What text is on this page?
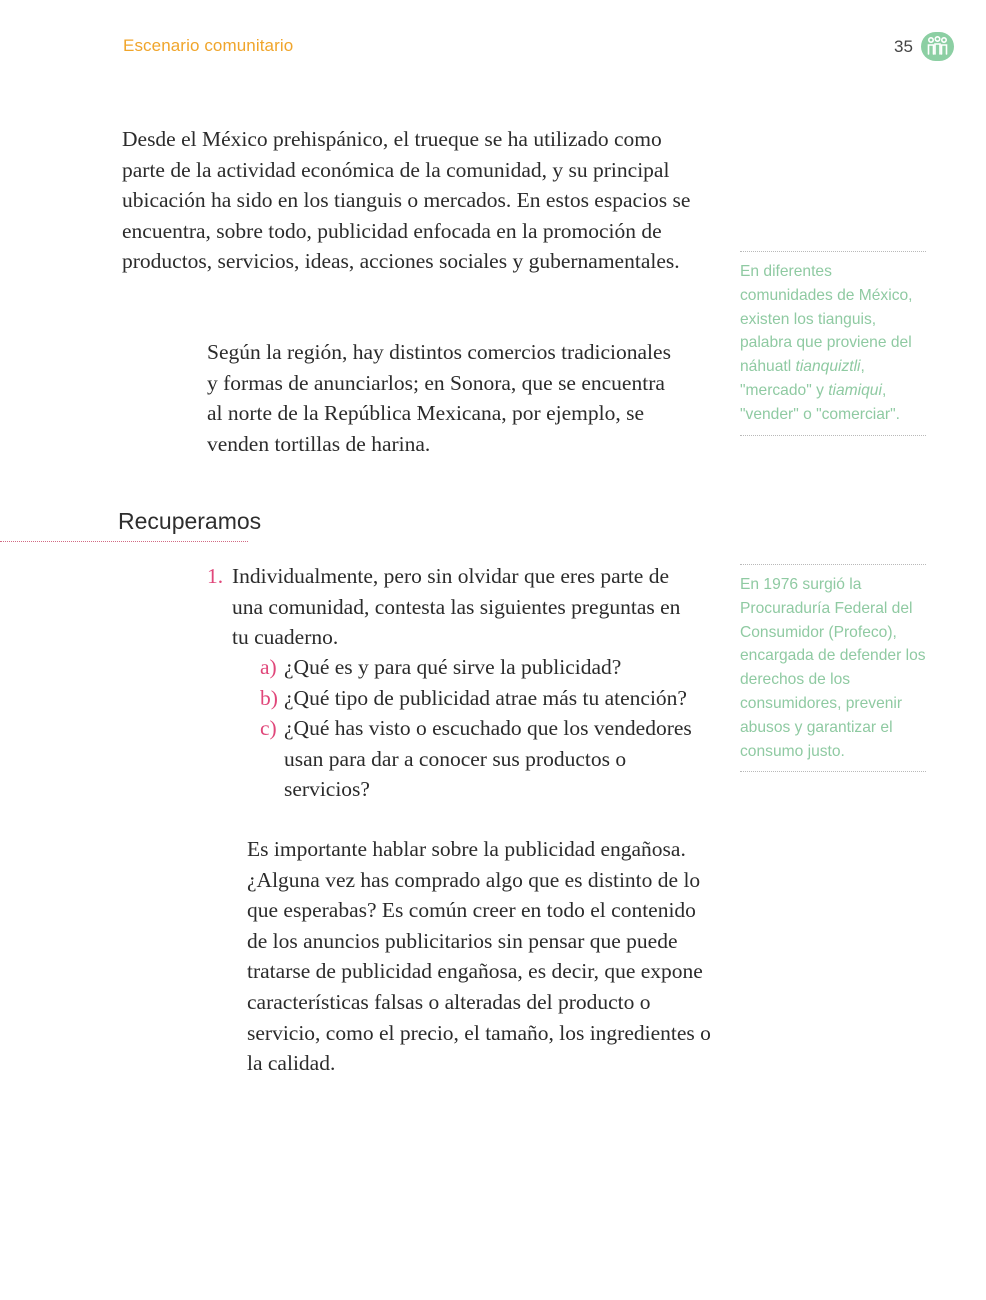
Escenario comunitario	35

Desde el México prehispánico, el trueque se ha utilizado como parte de la actividad económica de la comunidad, y su principal ubicación ha sido en los tianguis o mercados. En estos espacios se encuentra, sobre todo, publicidad enfocada en la promoción de productos, servicios, ideas, acciones sociales y gubernamentales.

Según la región, hay distintos comercios tradicionales y formas de anunciarlos; en Sonora, que se encuentra al norte de la República Mexicana, por ejemplo, se venden tortillas de harina.

En diferentes comunidades de México, existen los tianguis, palabra que proviene del náhuatl tianquiztli, "mercado" y tiamiqui, "vender" o "comerciar".
Recuperamos
1. Individualmente, pero sin olvidar que eres parte de una comunidad, contesta las siguientes preguntas en tu cuaderno.

a) ¿Qué es y para qué sirve la publicidad?

b) ¿Qué tipo de publicidad atrae más tu atención?

c) ¿Qué has visto o escuchado que los vendedores usan para dar a conocer sus productos o servicios?

En 1976 surgió la Procuraduría Federal del Consumidor (Profeco), encargada de defender los derechos de los consumidores, prevenir abusos y garantizar el consumo justo.

Es importante hablar sobre la publicidad engañosa. ¿Alguna vez has comprado algo que es distinto de lo que esperabas? Es común creer en todo el contenido de los anuncios publicitarios sin pensar que puede tratarse de publicidad engañosa, es decir, que expone características falsas o alteradas del producto o servicio, como el precio, el tamaño, los ingredientes o la calidad.
